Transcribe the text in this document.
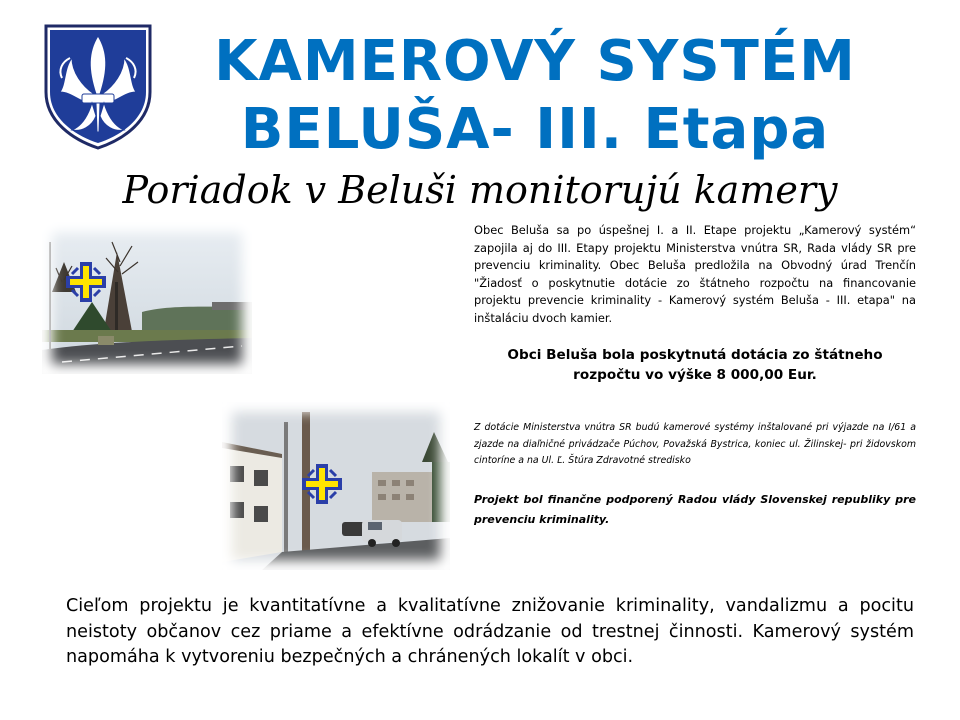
KAMEROVÝ SYSTÉM
BELUŠA- III. Etapa
Poriadok v Beluši monitorujú kamery
Obec Beluša sa po úspešnej I. a II. Etape projektu „Kamerový systém“ zapojila aj do III. Etapy projektu Ministerstva vnútra SR, Rada vlády SR pre prevenciu kriminality. Obec Beluša predložila na Obvodný úrad Trenčín "Žiadosť o poskytnutie dotácie zo štátneho rozpočtu na financovanie projektu prevencie kriminality - Kamerový systém Beluša - III. etapa" na inštaláciu dvoch kamier.
Obci Beluša bola poskytnutá dotácia zo štátneho
rozpočtu vo výške 8 000,00 Eur.
Z dotácie Ministerstva vnútra SR budú kamerové systémy inštalované pri výjazde na I/61 a zjazde na diaľničné privádzače Púchov, Považská Bystrica, koniec ul. Žilinskej- pri židovskom cintoríne a na Ul. Ľ. Štúra Zdravotné stredisko
Projekt bol finančne podporený Radou vlády Slovenskej republiky pre prevenciu kriminality.
Cieľom projektu je kvantitatívne a kvalitatívne znižovanie kriminality, vandalizmu a pocitu neistoty občanov cez priame a efektívne odrádzanie od trestnej činnosti. Kamerový systém napomáha k vytvoreniu bezpečných a chránených lokalít v obci.
